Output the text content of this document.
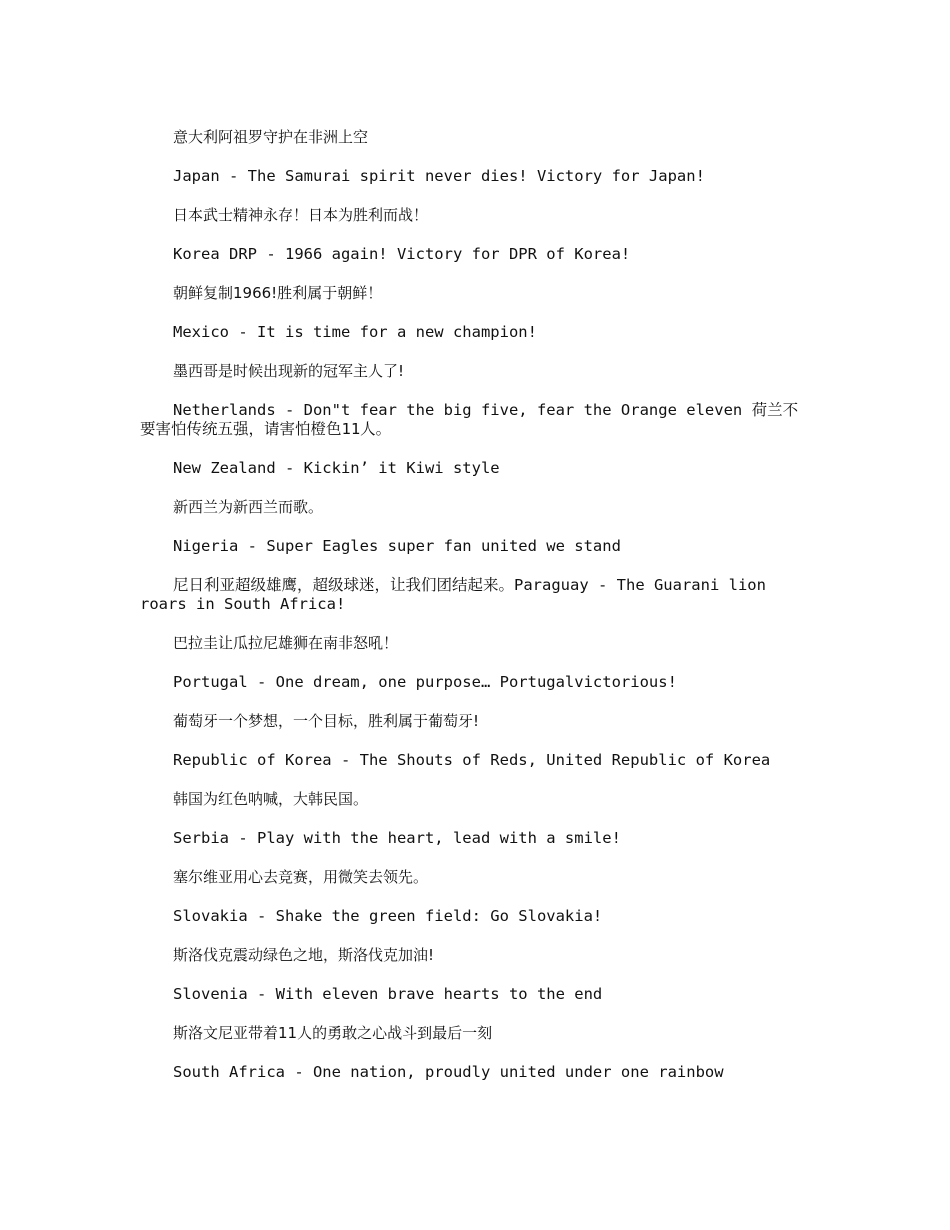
意大利阿祖罗守护在非洲上空

Japan - The Samurai spirit never dies! Victory for Japan!

日本武士精神永存！日本为胜利而战！

Korea DRP - 1966 again! Victory for DPR of Korea!

朝鲜复制1966!胜利属于朝鲜！

Mexico - It is time for a new champion!

墨西哥是时候出现新的冠军主人了!

Netherlands - Don"t fear the big five, fear the Orange eleven 荷兰不要害怕传统五强，请害怕橙色11人。

New Zealand - Kickin’ it Kiwi style

新西兰为新西兰而歌。

Nigeria - Super Eagles super fan united we stand

尼日利亚超级雄鹰，超级球迷，让我们团结起来。Paraguay - The Guarani lion roars in South Africa!

巴拉圭让瓜拉尼雄狮在南非怒吼！

Portugal - One dream, one purpose… Portugalvictorious!

葡萄牙一个梦想，一个目标，胜利属于葡萄牙!

Republic of Korea - The Shouts of Reds, United Republic of Korea

韩国为红色呐喊，大韩民国。

Serbia - Play with the heart, lead with a smile!

塞尔维亚用心去竞赛，用微笑去领先。

Slovakia - Shake the green field: Go Slovakia!

斯洛伐克震动绿色之地，斯洛伐克加油!

Slovenia - With eleven brave hearts to the end

斯洛文尼亚带着11人的勇敢之心战斗到最后一刻

South Africa - One nation, proudly united under one rainbow
